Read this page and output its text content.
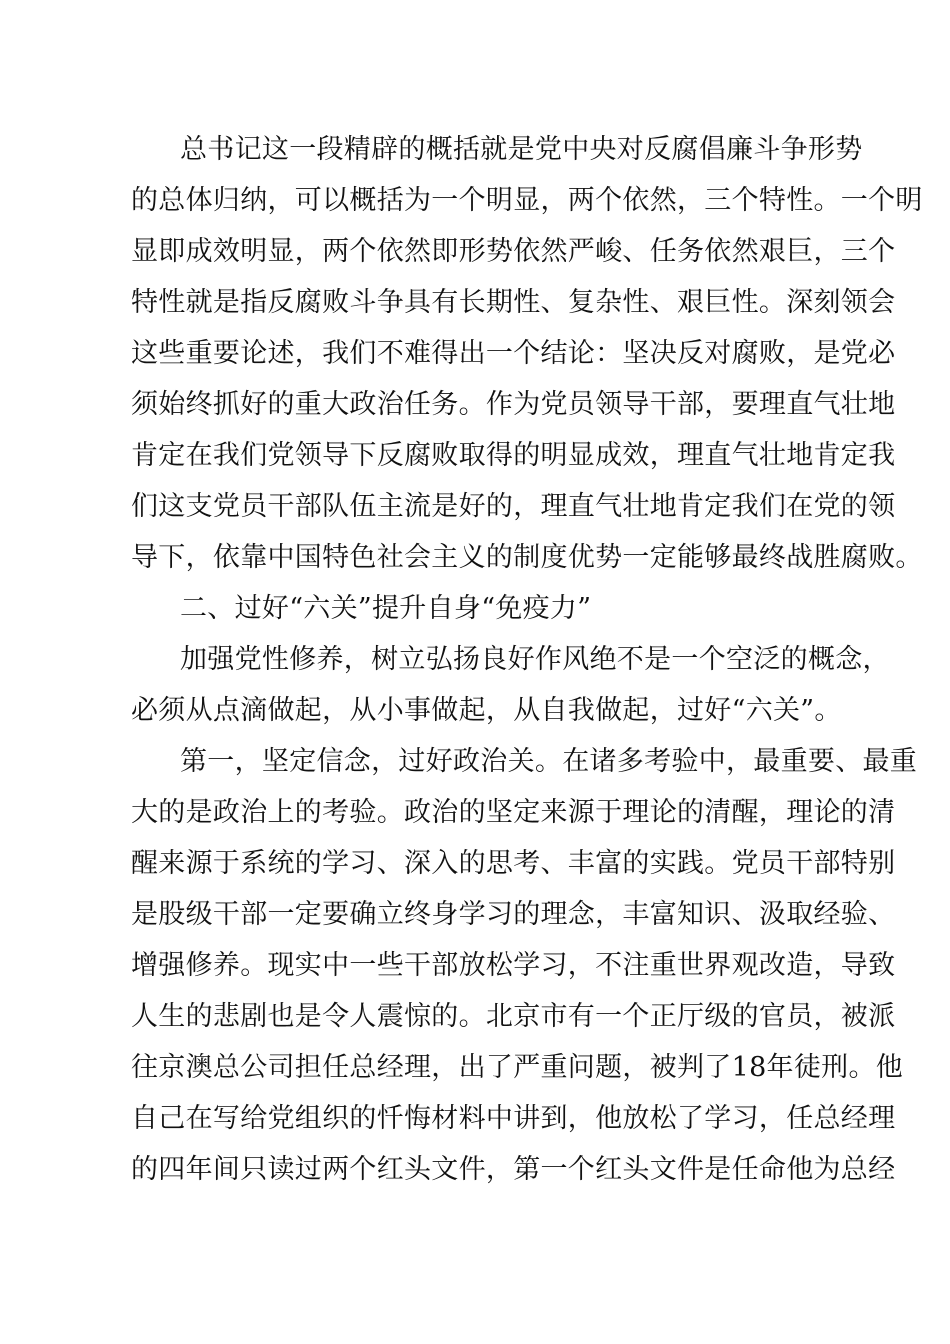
总书记这一段精辟的概括就是党中央对反腐倡廉斗争形势
的总体归纳，可以概括为一个明显，两个依然，三个特性。一个明
显即成效明显，两个依然即形势依然严峻、任务依然艰巨，三个
特性就是指反腐败斗争具有长期性、复杂性、艰巨性。深刻领会
这些重要论述，我们不难得出一个结论：坚决反对腐败，是党必
须始终抓好的重大政治任务。作为党员领导干部，要理直气壮地
肯定在我们党领导下反腐败取得的明显成效，理直气壮地肯定我
们这支党员干部队伍主流是好的，理直气壮地肯定我们在党的领
导下，依靠中国特色社会主义的制度优势一定能够最终战胜腐败。
二、过好“六关”提升自身“免疫力”
加强党性修养，树立弘扬良好作风绝不是一个空泛的概念，
必须从点滴做起，从小事做起，从自我做起，过好“六关”。
第一，坚定信念，过好政治关。在诸多考验中，最重要、最重
大的是政治上的考验。政治的坚定来源于理论的清醒，理论的清
醒来源于系统的学习、深入的思考、丰富的实践。党员干部特别
是股级干部一定要确立终身学习的理念，丰富知识、汲取经验、
增强修养。现实中一些干部放松学习，不注重世界观改造，导致
人生的悲剧也是令人震惊的。北京市有一个正厅级的官员，被派
往京澳总公司担任总经理，出了严重问题，被判了18年徒刑。他
自己在写给党组织的忏悔材料中讲到，他放松了学习，任总经理
的四年间只读过两个红头文件，第一个红头文件是任命他为总经
